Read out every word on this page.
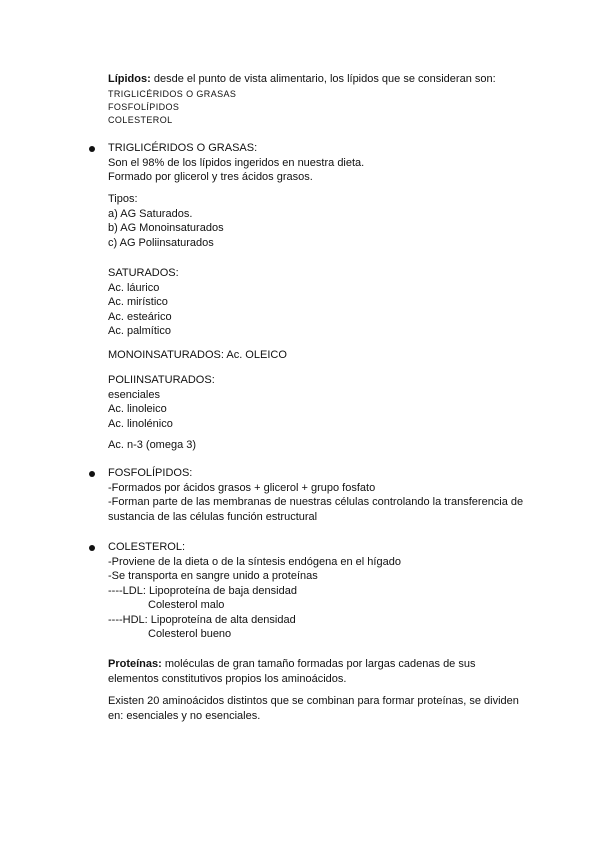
Lípidos: desde el punto de vista alimentario, los lípidos que se consideran son:
TRIGLICÉRIDOS O GRASAS
FOSFOLÍPIDOS
COLESTEROL
TRIGLICÉRIDOS O GRASAS:
Son el 98% de los lípidos ingeridos en nuestra dieta.
Formado por glicerol y tres ácidos grasos.
Tipos:
a) AG Saturados.
b) AG Monoinsaturados
c) AG Poliinsaturados
SATURADOS:
Ac. láurico
Ac. mirístico
Ac. esteárico
Ac. palmítico
MONOINSATURADOS: Ac. OLEICO
POLIINSATURADOS:
esenciales
Ac. linoleico
Ac. linolénico
Ac. n-3 (omega 3)
FOSFOLÍPIDOS:
-Formados por ácidos grasos + glicerol + grupo fosfato
-Forman parte de las membranas de nuestras células controlando la transferencia de sustancia de las células función estructural
COLESTEROL:
-Proviene de la dieta o de la síntesis endógena en el hígado
-Se transporta en sangre unido a proteínas
----LDL: Lipoproteína de baja densidad
Colesterol malo
----HDL: Lipoproteína de alta densidad
Colesterol bueno
Proteínas: moléculas de gran tamaño formadas por largas cadenas de sus elementos constitutivos propios los aminoácidos.
Existen 20 aminoácidos distintos que se combinan para formar proteínas, se dividen en: esenciales y no esenciales.
